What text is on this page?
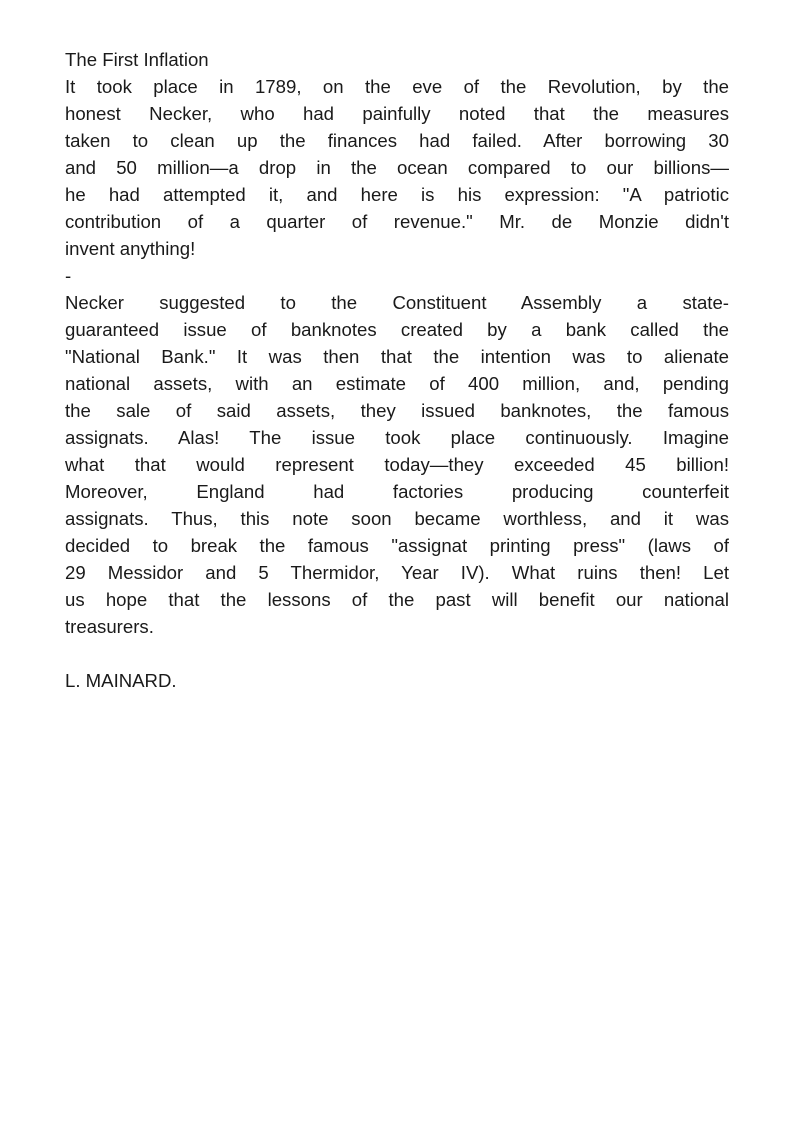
The First Inflation
It took place in 1789, on the eve of the Revolution, by the
honest Necker, who had painfully noted that the measures
taken to clean up the finances had failed. After borrowing 30
and 50 million—a drop in the ocean compared to our billions—
he had attempted it, and here is his expression: "A patriotic
contribution of a quarter of revenue." Mr. de Monzie didn't
invent anything!
-
Necker suggested to the Constituent Assembly a state-
guaranteed issue of banknotes created by a bank called the
"National Bank." It was then that the intention was to alienate
national assets, with an estimate of 400 million, and, pending
the sale of said assets, they issued banknotes, the famous
assignats. Alas! The issue took place continuously. Imagine
what that would represent today—they exceeded 45 billion!
Moreover, England had factories producing counterfeit
assignats. Thus, this note soon became worthless, and it was
decided to break the famous "assignat printing press" (laws of
29 Messidor and 5 Thermidor, Year IV). What ruins then! Let
us hope that the lessons of the past will benefit our national
treasurers.
L. MAINARD.
